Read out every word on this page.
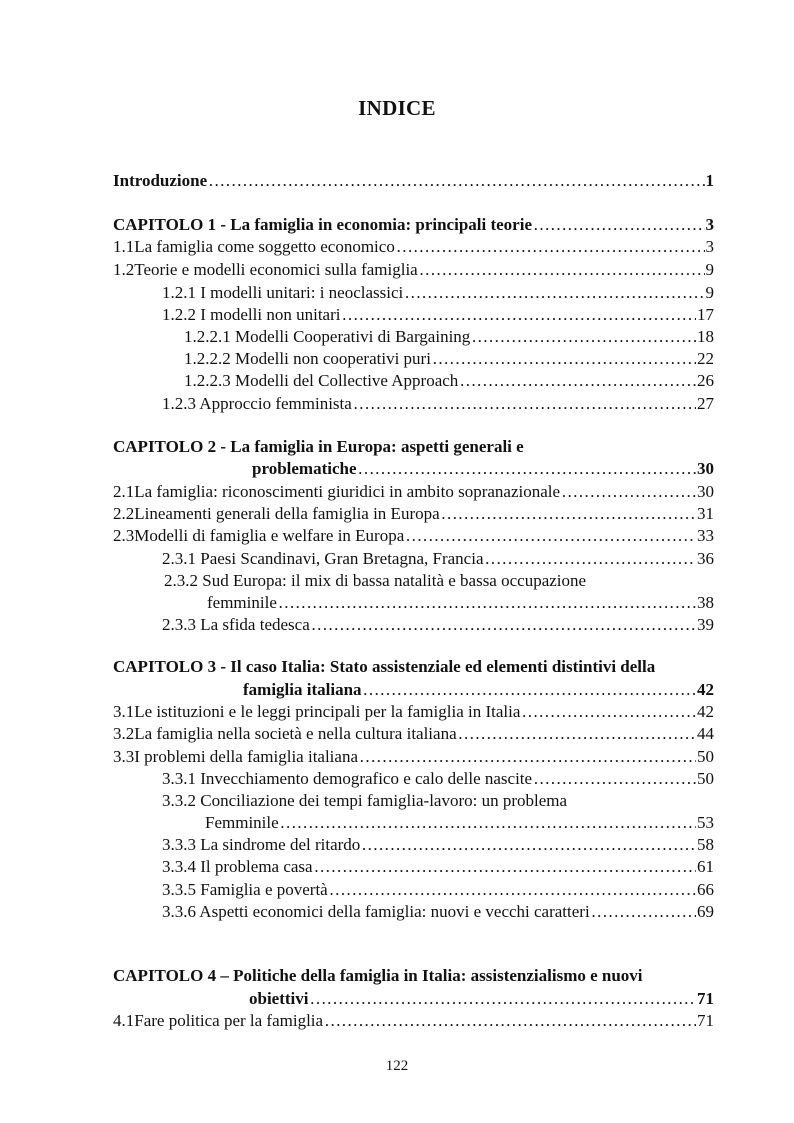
INDICE
Introduzione ……………………………………………………………………………………………………………………………………………………………………………………	1
CAPITOLO 1 - La famiglia in economia: principali teorie ……………………………………………………………………………………………………………………………………………………………………………………	3
1.1 La famiglia come soggetto economico ……………………………………………………………………………………………………………………………………………………………………………………	3
1.2 Teorie e modelli economici sulla famiglia ……………………………………………………………………………………………………………………………………………………………………………………	9
1.2.1 I modelli unitari: i neoclassici ……………………………………………………………………………………………………………………………………………………………………………………	9
1.2.2 I modelli non unitari ……………………………………………………………………………………………………………………………………………………………………………………	17
1.2.2.1 Modelli Cooperativi di Bargaining ……………………………………………………………………………………………………………………………………………………………………………………	18
1.2.2.2 Modelli non cooperativi puri ……………………………………………………………………………………………………………………………………………………………………………………	22
1.2.2.3 Modelli del Collective Approach ……………………………………………………………………………………………………………………………………………………………………………………	26
1.2.3 Approccio femminista ……………………………………………………………………………………………………………………………………………………………………………………	27
CAPITOLO 2 - La famiglia in Europa: aspetti generali e
problematiche ……………………………………………………………………………………………………………………………………………………………………………………	30
2.1 La famiglia: riconoscimenti giuridici in ambito sopranazionale ……………………………………………………………………………………………………………………………………………………………………………………	30
2.2 Lineamenti generali della famiglia in Europa ……………………………………………………………………………………………………………………………………………………………………………………	31
2.3 Modelli di famiglia e welfare in Europa ……………………………………………………………………………………………………………………………………………………………………………………	33
2.3.1 Paesi Scandinavi, Gran Bretagna, Francia ……………………………………………………………………………………………………………………………………………………………………………………	36
2.3.2 Sud Europa: il mix di bassa natalità e bassa occupazione
femminile ……………………………………………………………………………………………………………………………………………………………………………………	38
2.3.3 La sfida tedesca ……………………………………………………………………………………………………………………………………………………………………………………	39
CAPITOLO 3 - Il caso Italia: Stato assistenziale ed elementi distintivi della
famiglia italiana ……………………………………………………………………………………………………………………………………………………………………………………	42
3.1 Le istituzioni e le leggi principali per la famiglia in Italia ……………………………………………………………………………………………………………………………………………………………………………………	42
3.2 La famiglia nella società e nella cultura italiana ……………………………………………………………………………………………………………………………………………………………………………………	44
3.3 I problemi della famiglia italiana ……………………………………………………………………………………………………………………………………………………………………………………	50
3.3.1 Invecchiamento demografico e calo delle nascite ……………………………………………………………………………………………………………………………………………………………………………………	50
3.3.2 Conciliazione dei tempi famiglia-lavoro: un problema
Femminile ……………………………………………………………………………………………………………………………………………………………………………………	53
3.3.3 La sindrome del ritardo ……………………………………………………………………………………………………………………………………………………………………………………	58
3.3.4 Il problema casa ……………………………………………………………………………………………………………………………………………………………………………………	61
3.3.5 Famiglia e povertà ……………………………………………………………………………………………………………………………………………………………………………………	66
3.3.6 Aspetti economici della famiglia: nuovi e vecchi caratteri ……………………………………………………………………………………………………………………………………………………………………………………	69
CAPITOLO 4 – Politiche della famiglia in Italia: assistenzialismo e nuovi
obiettivi ……………………………………………………………………………………………………………………………………………………………………………………	71
4.1 Fare politica per la famiglia ……………………………………………………………………………………………………………………………………………………………………………………	71
122
